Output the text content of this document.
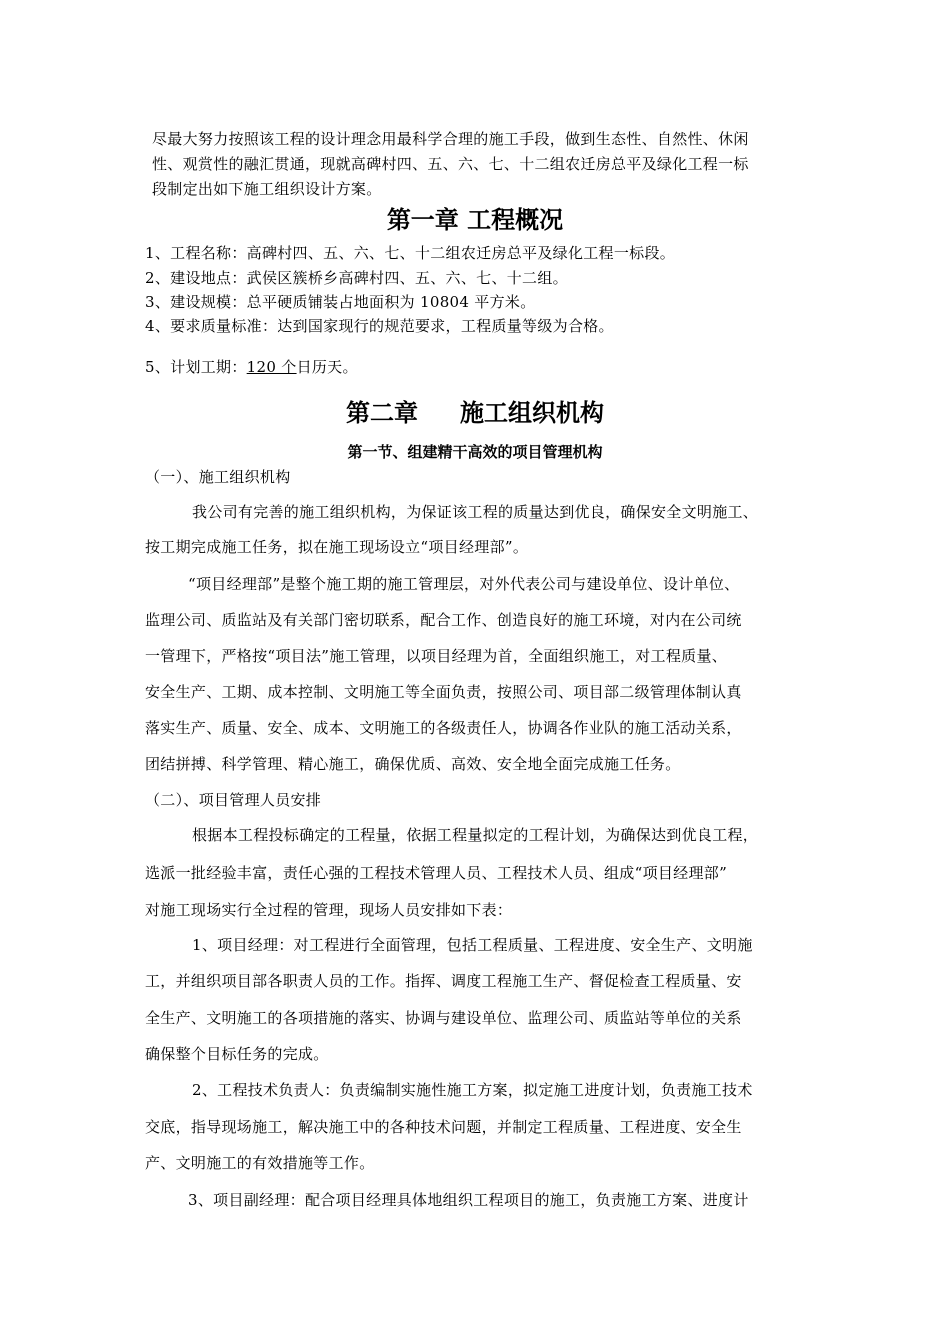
尽最大努力按照该工程的设计理念用最科学合理的施工手段，做到生态性、自然性、休闲
性、观赏性的融汇贯通，现就高碑村四、五、六、七、十二组农迁房总平及绿化工程一标
段制定出如下施工组织设计方案。
第一章 工程概况
1、工程名称：高碑村四、五、六、七、十二组农迁房总平及绿化工程一标段。
2、建设地点：武侯区簇桥乡高碑村四、五、六、七、十二组。
3、建设规模：总平硬质铺装占地面积为 10804 平方米。
4、要求质量标准：达到国家现行的规范要求，工程质量等级为合格。
5、计划工期：120 个日历天。
第二章 施工组织机构
第一节、组建精干高效的项目管理机构
（一）、施工组织机构
我公司有完善的施工组织机构，为保证该工程的质量达到优良，确保安全文明施工、
按工期完成施工任务，拟在施工现场设立“项目经理部”。
“项目经理部”是整个施工期的施工管理层，对外代表公司与建设单位、设计单位、
监理公司、质监站及有关部门密切联系，配合工作、创造良好的施工环境，对内在公司统
一管理下，严格按“项目法”施工管理，以项目经理为首，全面组织施工，对工程质量、
安全生产、工期、成本控制、文明施工等全面负责，按照公司、项目部二级管理体制认真
落实生产、质量、安全、成本、文明施工的各级责任人，协调各作业队的施工活动关系，
团结拼搏、科学管理、精心施工，确保优质、高效、安全地全面完成施工任务。
（二）、项目管理人员安排
根据本工程投标确定的工程量，依据工程量拟定的工程计划，为确保达到优良工程，
选派一批经验丰富，责任心强的工程技术管理人员、工程技术人员、组成“项目经理部”
对施工现场实行全过程的管理，现场人员安排如下表：
1、项目经理：对工程进行全面管理，包括工程质量、工程进度、安全生产、文明施
工，并组织项目部各职责人员的工作。指挥、调度工程施工生产、督促检查工程质量、安
全生产、文明施工的各项措施的落实、协调与建设单位、监理公司、质监站等单位的关系
确保整个目标任务的完成。
2、工程技术负责人：负责编制实施性施工方案，拟定施工进度计划，负责施工技术
交底，指导现场施工，解决施工中的各种技术问题，并制定工程质量、工程进度、安全生
产、文明施工的有效措施等工作。
3、项目副经理：配合项目经理具体地组织工程项目的施工，负责施工方案、进度计
